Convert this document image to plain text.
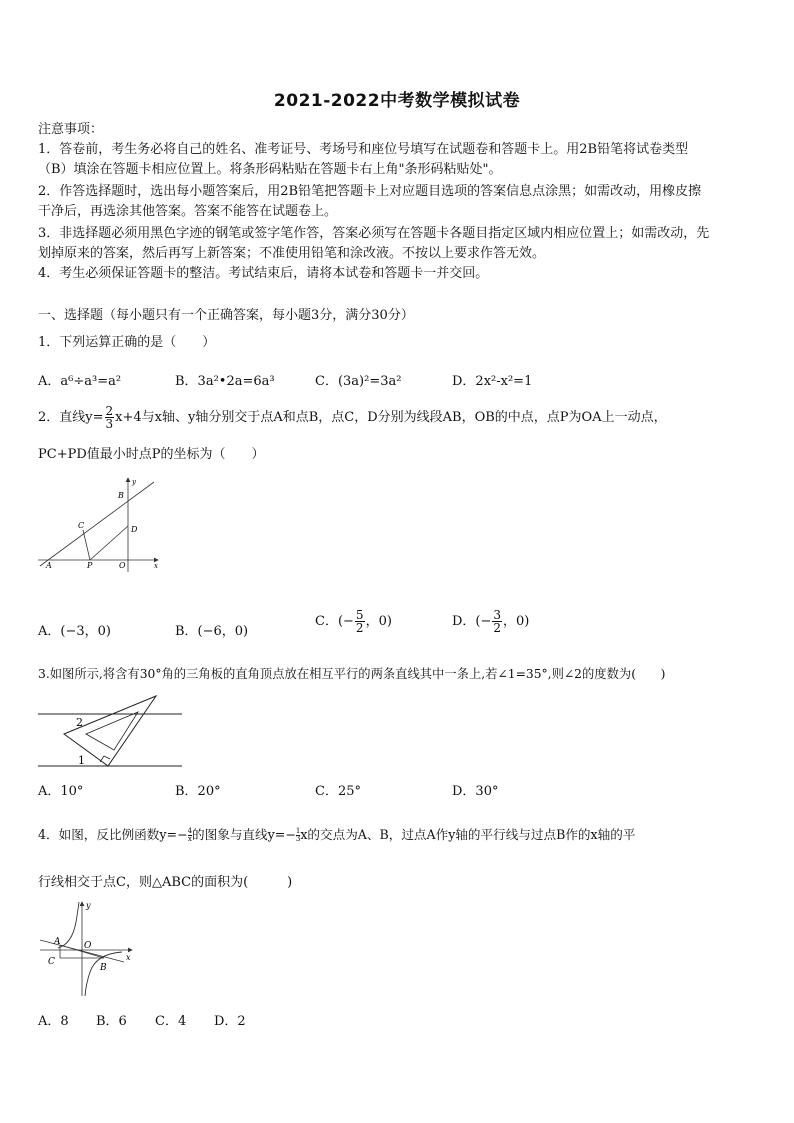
2021-2022中考数学模拟试卷
注意事项：
1．答卷前，考生务必将自己的姓名、准考证号、考场号和座位号填写在试题卷和答题卡上。用2B铅笔将试卷类型
（B）填涂在答题卡相应位置上。将条形码粘贴在答题卡右上角"条形码粘贴处"。
2．作答选择题时，选出每小题答案后，用2B铅笔把答题卡上对应题目选项的答案信息点涂黑；如需改动，用橡皮擦
干净后，再选涂其他答案。答案不能答在试题卷上。
3．非选择题必须用黑色字迹的钢笔或签字笔作答，答案必须写在答题卡各题目指定区域内相应位置上；如需改动，先
划掉原来的答案，然后再写上新答案；不准使用铅笔和涂改液。不按以上要求作答无效。
4．考生必须保证答题卡的整洁。考试结束后，请将本试卷和答题卡一并交回。
一、选择题（每小题只有一个正确答案，每小题3分，满分30分）
1．下列运算正确的是（　　）
A．a⁶÷a³=a²	B．3a²•2a=6a³	C．(3a)²=3a²	D．2x²-x²=1
2．直线$y= \frac{2}{3} x+4$与x轴、y轴分别交于点A和点B，点C，D分别为线段AB，OB的中点，点P为OA上一动点，
PC+PD值最小时点P的坐标为（　　）
y
x
B
C	D
A	P	O
A．(−3，0)	B．(−6，0)
C．(− $\frac{5}{2}$ ，0)	D．(− $\frac{3}{2}$ ，0)
3.如图所示,将含有30°角的三角板的直角顶点放在相互平行的两条直线其中一条上,若∠1=35°,则∠2的度数为(　　)
2
1
A．10°	B．20°	C．25°	D．30°
4．如图，反比例函数$y=- \frac{4}{x}$ 的图象与直线$y=- \frac{1}{3}$ x的交点为A、B，过点A作y轴的平行线与过点B作的x轴的平
行线相交于点C，则△ABC的面积为(　　　)
y
x
A	O
C
B
A．8 B．6 C．4 D．2
